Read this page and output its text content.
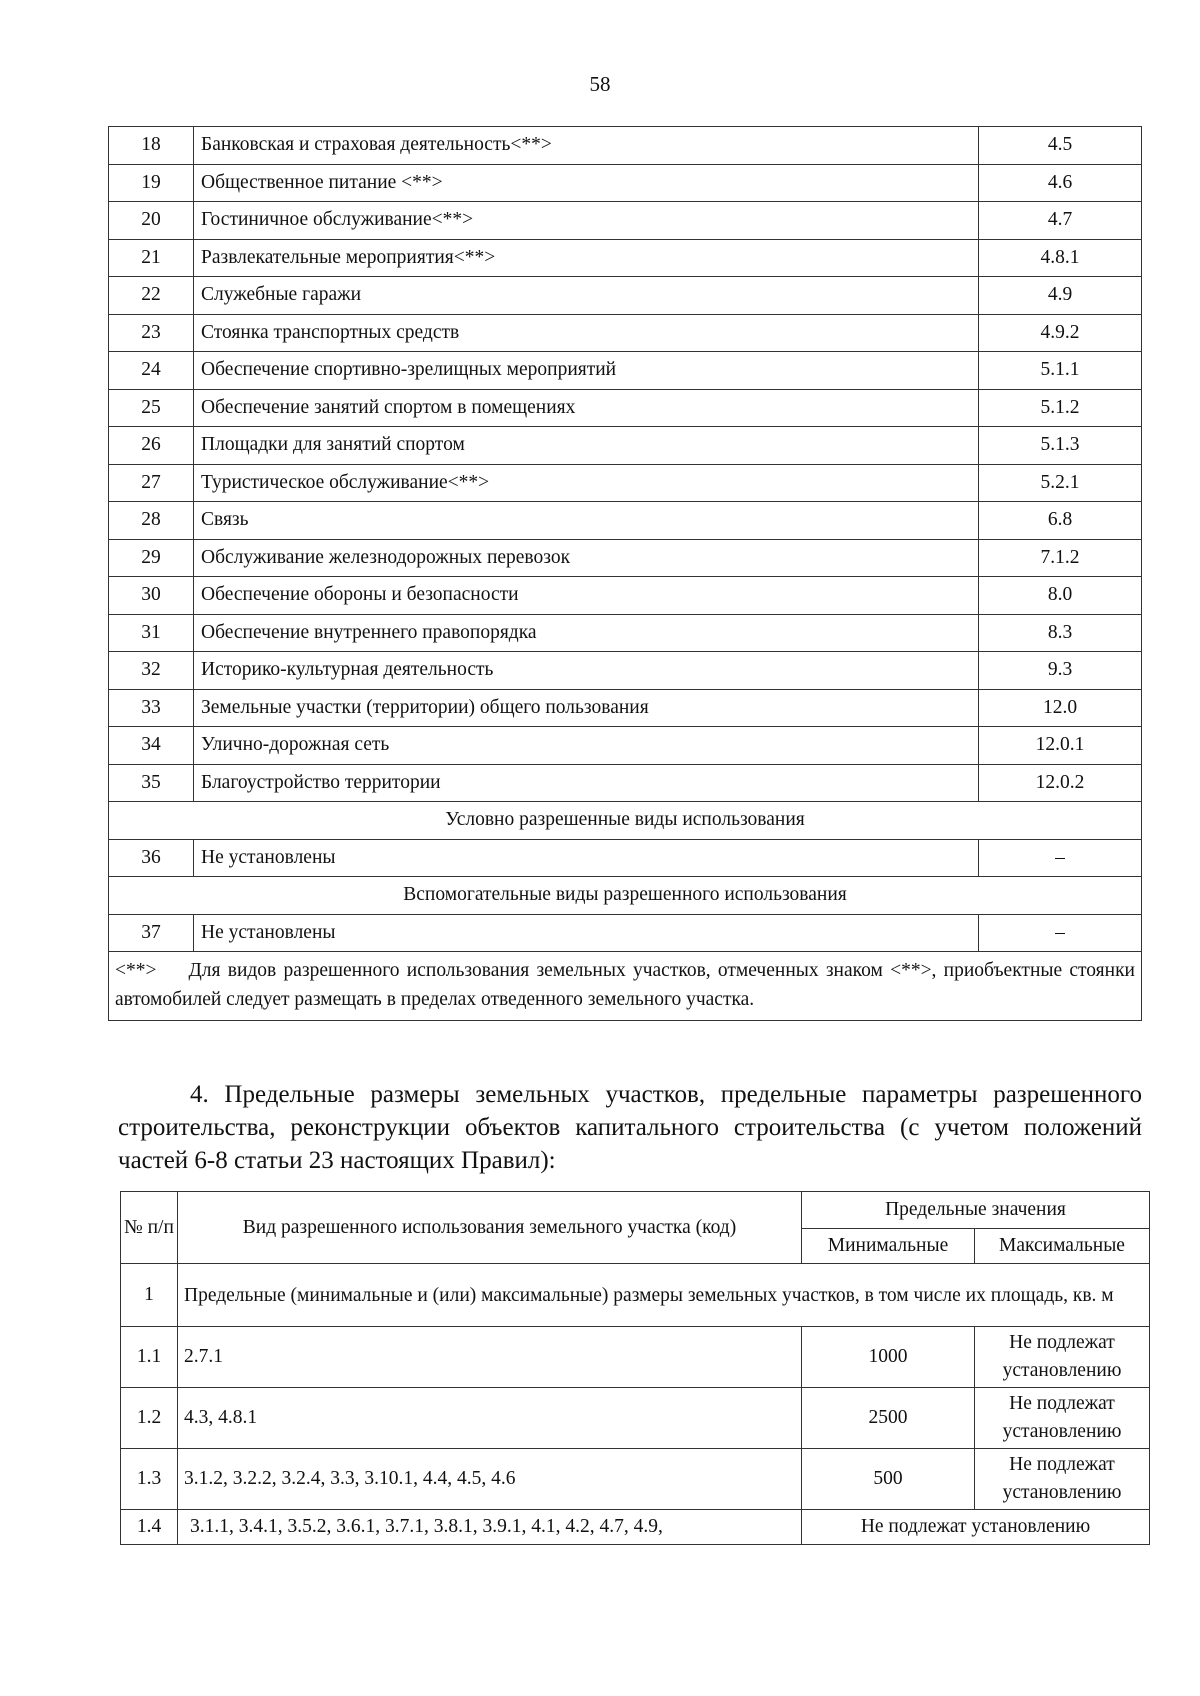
58
18	Банковская и страховая деятельность<**>	4.5
19	Общественное питание <**>	4.6
20	Гостиничное обслуживание<**>	4.7
21	Развлекательные мероприятия<**>	4.8.1
22	Служебные гаражи	4.9
23	Стоянка транспортных средств	4.9.2
24	Обеспечение спортивно-зрелищных мероприятий	5.1.1
25	Обеспечение занятий спортом в помещениях	5.1.2
26	Площадки для занятий спортом	5.1.3
27	Туристическое обслуживание<**>	5.2.1
28	Связь	6.8
29	Обслуживание железнодорожных перевозок	7.1.2
30	Обеспечение обороны и безопасности	8.0
31	Обеспечение внутреннего правопорядка	8.3
32	Историко-культурная деятельность	9.3
33	Земельные участки (территории) общего пользования	12.0
34	Улично-дорожная сеть	12.0.1
35	Благоустройство территории	12.0.2
Условно разрешенные виды использования		
36	Не установлены	–
Вспомогательные виды разрешенного использования		
37	Не установлены	–
<**> Для видов разрешенного использования земельных участков, отмеченных знаком <**>, приобъектные стоянки автомобилей следует размещать в пределах отведенного земельного участка.		
4. Предельные размеры земельных участков, предельные параметры разрешенного строительства, реконструкции объектов капитального строительства (с учетом положений частей 6-8 статьи 23 настоящих Правил):
№ п/п	Вид разрешенного использования земельного участка (код)	Предельные значения	
		Минимальные	Максимальные
1	Предельные (минимальные и (или) максимальные) размеры земельных участков, в том числе их площадь, кв. м		
1.1	2.7.1	1000	Не подлежат установлению
1.2	4.3, 4.8.1	2500	Не подлежат установлению
1.3	3.1.2, 3.2.2, 3.2.4, 3.3, 3.10.1, 4.4, 4.5, 4.6	500	Не подлежат установлению
1.4	3.1.1, 3.4.1, 3.5.2, 3.6.1, 3.7.1, 3.8.1, 3.9.1, 4.1, 4.2, 4.7, 4.9,	Не подлежат установлению	
